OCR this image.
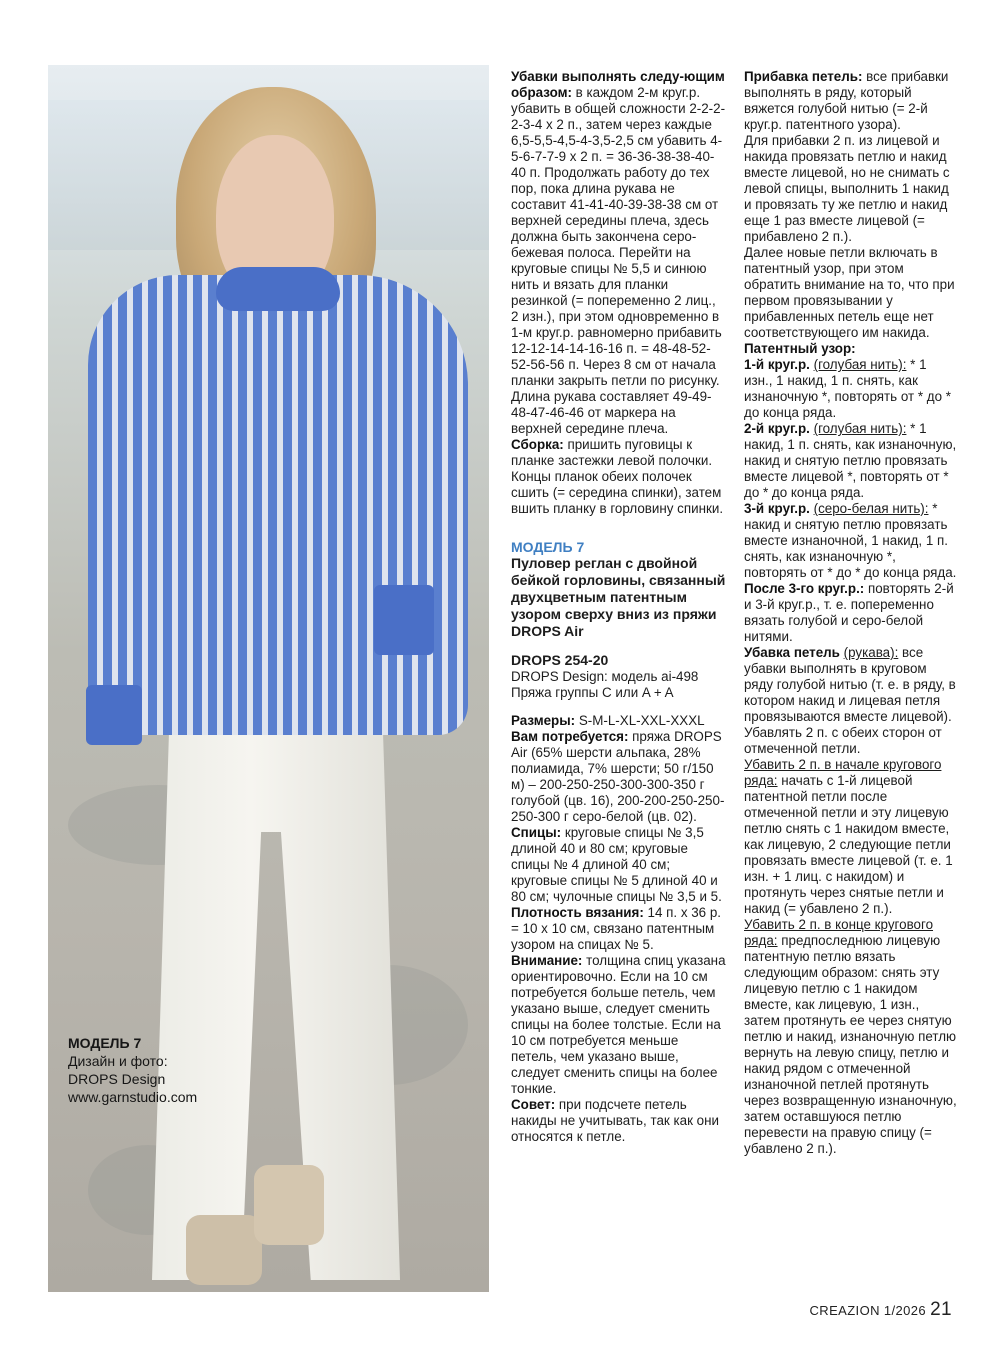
МОДЕЛЬ 7
Дизайн и фото:
DROPS Design
www.garnstudio.com

Убавки выполнять следу-ющим образом: в каждом 2-м круг.р. убавить в общей сложности 2-2-2-2-3-4 х 2 п., затем через каждые 6,5-5,5-4,5-4-3,5-2,5 см убавить 4-5-6-7-7-9 х 2 п. = 36-36-38-38-40-40 п. Продолжать работу до тех пор, пока длина рукава не составит 41-41-40-39-38-38 см от верхней середины плеча, здесь должна быть закончена серо-бежевая полоса. Перейти на круговые спицы № 5,5 и синюю нить и вязать для планки резинкой (= попеременно 2 лиц., 2 изн.), при этом одновременно в 1-м круг.р. равномерно прибавить 12-12-14-14-16-16 п. = 48-48-52-52-56-56 п. Через 8 см от начала планки закрыть петли по рисунку. Длина рукава составляет 49-49-48-47-46-46 от маркера на верхней середине плеча.

Сборка: пришить пуговицы к планке застежки левой полочки. Концы планок обеих полочек сшить (= середина спинки), затем вшить планку в горловину спинки.

МОДЕЛЬ 7

Пуловер реглан с двойной бейкой горловины, связанный двухцветным патентным узором сверху вниз из пряжи DROPS Air

DROPS 254-20

DROPS Design: модель ai-498

Пряжа группы C или A + A

Размеры: S-M-L-XL-XXL-XXXL

Вам потребуется: пряжа DROPS Air (65% шерсти альпака, 28% полиамида, 7% шерсти; 50 г/150 м) – 200-250-250-300-300-350 г голубой (цв. 16), 200-200-250-250-250-300 г серо-белой (цв. 02).

Спицы: круговые спицы № 3,5 длиной 40 и 80 см; круговые спицы № 4 длиной 40 см; круговые спицы № 5 длиной 40 и 80 см; чулочные спицы № 3,5 и 5.

Плотность вязания: 14 п. х 36 р. = 10 х 10 см, связано патентным узором на спицах № 5.

Внимание: толщина спиц указана ориентировочно. Если на 10 см потребуется больше петель, чем указано выше, следует сменить спицы на более толстые. Если на 10 см потребуется меньше петель, чем указано выше, следует сменить спицы на более тонкие.

Совет: при подсчете петель накиды не учитывать, так как они относятся к петле.

Прибавка петель: все прибавки выполнять в ряду, который вяжется голубой нитью (= 2-й круг.р. патентного узора).

Для прибавки 2 п. из лицевой и накида провязать петлю и накид вместе лицевой, но не снимать с левой спицы, выполнить 1 накид и провязать ту же петлю и накид еще 1 раз вместе лицевой (= прибавлено 2 п.).

Далее новые петли включать в патентный узор, при этом обратить внимание на то, что при первом провязывании у прибавленных петель еще нет соответствующего им накида.

Патентный узор:

1-й круг.р. (голубая нить): * 1 изн., 1 накид, 1 п. снять, как изнаночную *, повторять от * до * до конца ряда.

2-й круг.р. (голубая нить): * 1 накид, 1 п. снять, как изнаночную, накид и снятую петлю провязать вместе лицевой *, повторять от * до * до конца ряда.

3-й круг.р. (серо-белая нить): * накид и снятую петлю провязать вместе изнаночной, 1 накид, 1 п. снять, как изнаночную *, повторять от * до * до конца ряда.

После 3-го круг.р.: повторять 2-й и 3-й круг.р., т. е. попеременно вязать голубой и серо-белой нитями.

Убавка петель (рукава): все убавки выполнять в круговом ряду голубой нитью (т. е. в ряду, в котором накид и лицевая петля провязываются вместе лицевой).

Убавлять 2 п. с обеих сторон от отмеченной петли.

Убавить 2 п. в начале кругового ряда: начать с 1-й лицевой патентной петли после отмеченной петли и эту лицевую петлю снять с 1 накидом вместе, как лицевую, 2 следующие петли провязать вместе лицевой (т. е. 1 изн. + 1 лиц. с накидом) и протянуть через снятые петли и накид (= убавлено 2 п.).

Убавить 2 п. в конце кругового ряда: предпоследнюю лицевую патентную петлю вязать следующим образом: снять эту лицевую петлю с 1 накидом вместе, как лицевую, 1 изн., затем протянуть ее через снятую петлю и накид, изнаночную петлю вернуть на левую спицу, петлю и накид рядом с отмеченной изнаночной петлей протянуть через возвращенную изнаночную, затем оставшуюся петлю перевести на правую спицу (= убавлено 2 п.).

CREAZION 1/2026 21
